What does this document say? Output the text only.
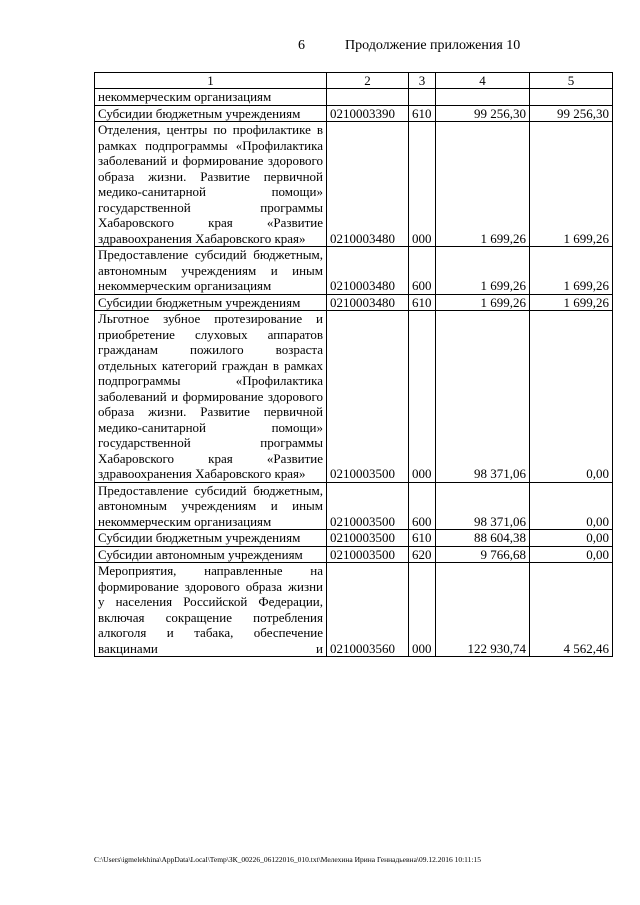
6	Продолжение приложения 10
1	2	3	4	5
некоммерческим организациям				
Субсидии бюджетным учреждениям	0210003390	610	99 256,30	99 256,30
Отделения, центры по профилактике в рамках подпрограммы «Профилактика заболеваний и формирование здорового образа жизни. Развитие первичной медико-санитарной помощи» государственной программы Хабаровского края «Развитие здравоохранения Хабаровского края»	0210003480	000	1 699,26	1 699,26
Предоставление субсидий бюджетным, автономным учреждениям и иным некоммерческим организациям	0210003480	600	1 699,26	1 699,26
Субсидии бюджетным учреждениям	0210003480	610	1 699,26	1 699,26
Льготное зубное протезирование и приобретение слуховых аппаратов гражданам пожилого возраста отдельных категорий граждан в рамках подпрограммы «Профилактика заболеваний и формирование здорового образа жизни. Развитие первичной медико-санитарной помощи» государственной программы Хабаровского края «Развитие здравоохранения Хабаровского края»	0210003500	000	98 371,06	0,00
Предоставление субсидий бюджетным, автономным учреждениям и иным некоммерческим организациям	0210003500	600	98 371,06	0,00
Субсидии бюджетным учреждениям	0210003500	610	88 604,38	0,00
Субсидии автономным учреждениям	0210003500	620	9 766,68	0,00
Мероприятия, направленные на формирование здорового образа жизни у населения Российской Федерации, включая сокращение потребления алкоголя и табака, обеспечение вакцинами и	0210003560	000	122 930,74	4 562,46
C:\Users\igmelekhina\AppData\Local\Temp\ЗК_00226_06122016_010.txt\Мелехина Ирина Геннадьевна\09.12.2016 10:11:15
